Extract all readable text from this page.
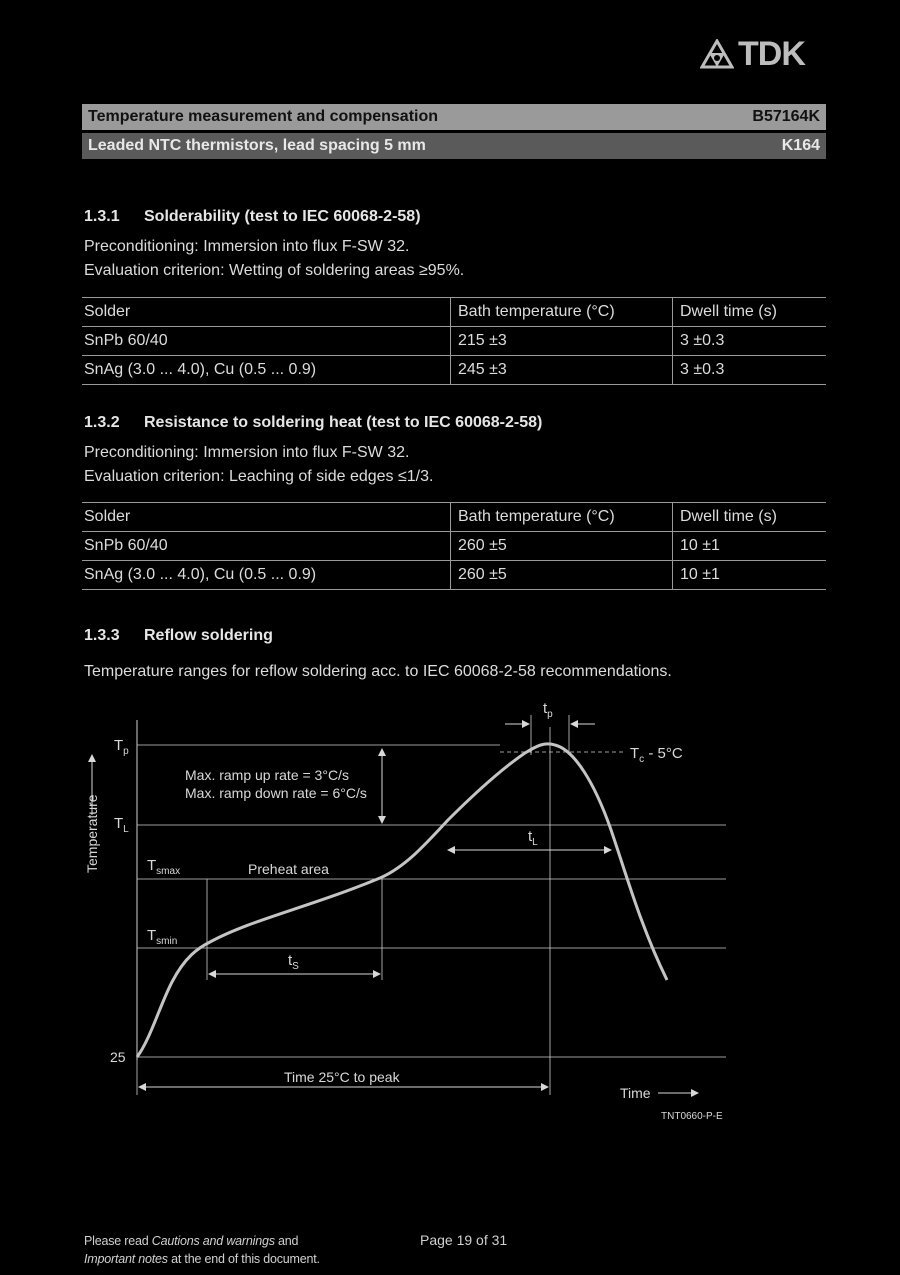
TDK
Temperature measurement and compensation	B57164K
Leaded NTC thermistors, lead spacing 5 mm	K164
1.3.1 Solderability (test to IEC 60068-2-58)
Preconditioning: Immersion into flux F-SW 32.
Evaluation criterion: Wetting of soldering areas ≥95%.
Solder	Bath temperature (°C)	Dwell time (s)
SnPb 60/40	215 ±3	3 ±0.3
SnAg (3.0 ... 4.0), Cu (0.5 ... 0.9)	245 ±3	3 ±0.3
1.3.2 Resistance to soldering heat (test to IEC 60068-2-58)
Preconditioning: Immersion into flux F-SW 32.
Evaluation criterion: Leaching of side edges ≤1/3.
Solder	Bath temperature (°C)	Dwell time (s)
SnPb 60/40	260 ±5	10 ±1
SnAg (3.0 ... 4.0), Cu (0.5 ... 0.9)	260 ±5	10 ±1
1.3.3 Reflow soldering
Temperature ranges for reflow soldering acc. to IEC 60068-2-58 recommendations.
$T_p$
$T_L$
$T_{smax}$
$T_{smin}$
25
Temperature
Time
Max. ramp up rate = 3°C/s
Max. ramp down rate = 6°C/s
Preheat area
$t_S$
$t_L$
$t_p$
$T_c - 5^\circ C$
Time 25°C to peak
TNT0660-P-E
Please read Cautions and warnings and
Important notes at the end of this document.
Page 19 of 31
